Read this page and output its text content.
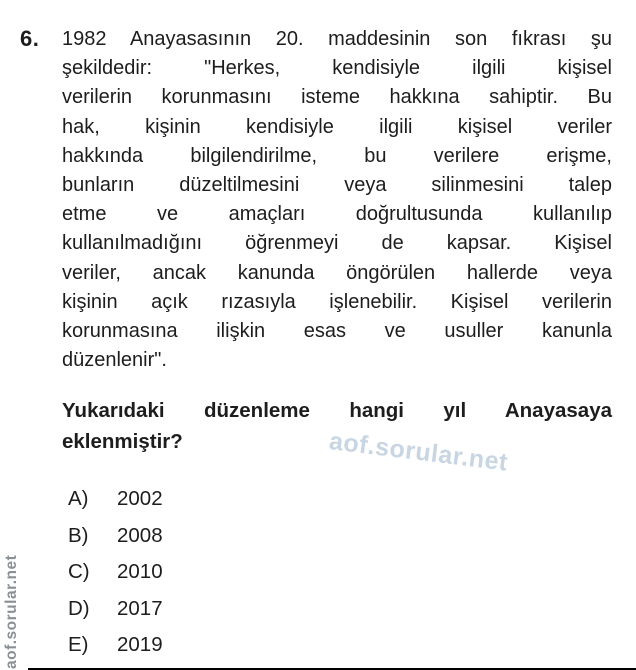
6. 1982 Anayasasının 20. maddesinin son fıkrası şu
şekildedir: "Herkes, kendisiyle ilgili kişisel
verilerin korunmasını isteme hakkına sahiptir. Bu
hak, kişinin kendisiyle ilgili kişisel veriler
hakkında bilgilendirilme, bu verilere erişme,
bunların düzeltilmesini veya silinmesini talep
etme ve amaçları doğrultusunda kullanılıp
kullanılmadığını öğrenmeyi de kapsar. Kişisel
veriler, ancak kanunda öngörülen hallerde veya
kişinin açık rızasıyla işlenebilir. Kişisel verilerin
korunmasına ilişkin esas ve usuller kanunla
düzenlenir".
Yukarıdaki düzenleme hangi yıl Anayasaya
eklenmiştir?
A)	2002
B)	2008
C)	2010
D)	2017
E)	2019
aof.sorular.net
aof.sorular.net
